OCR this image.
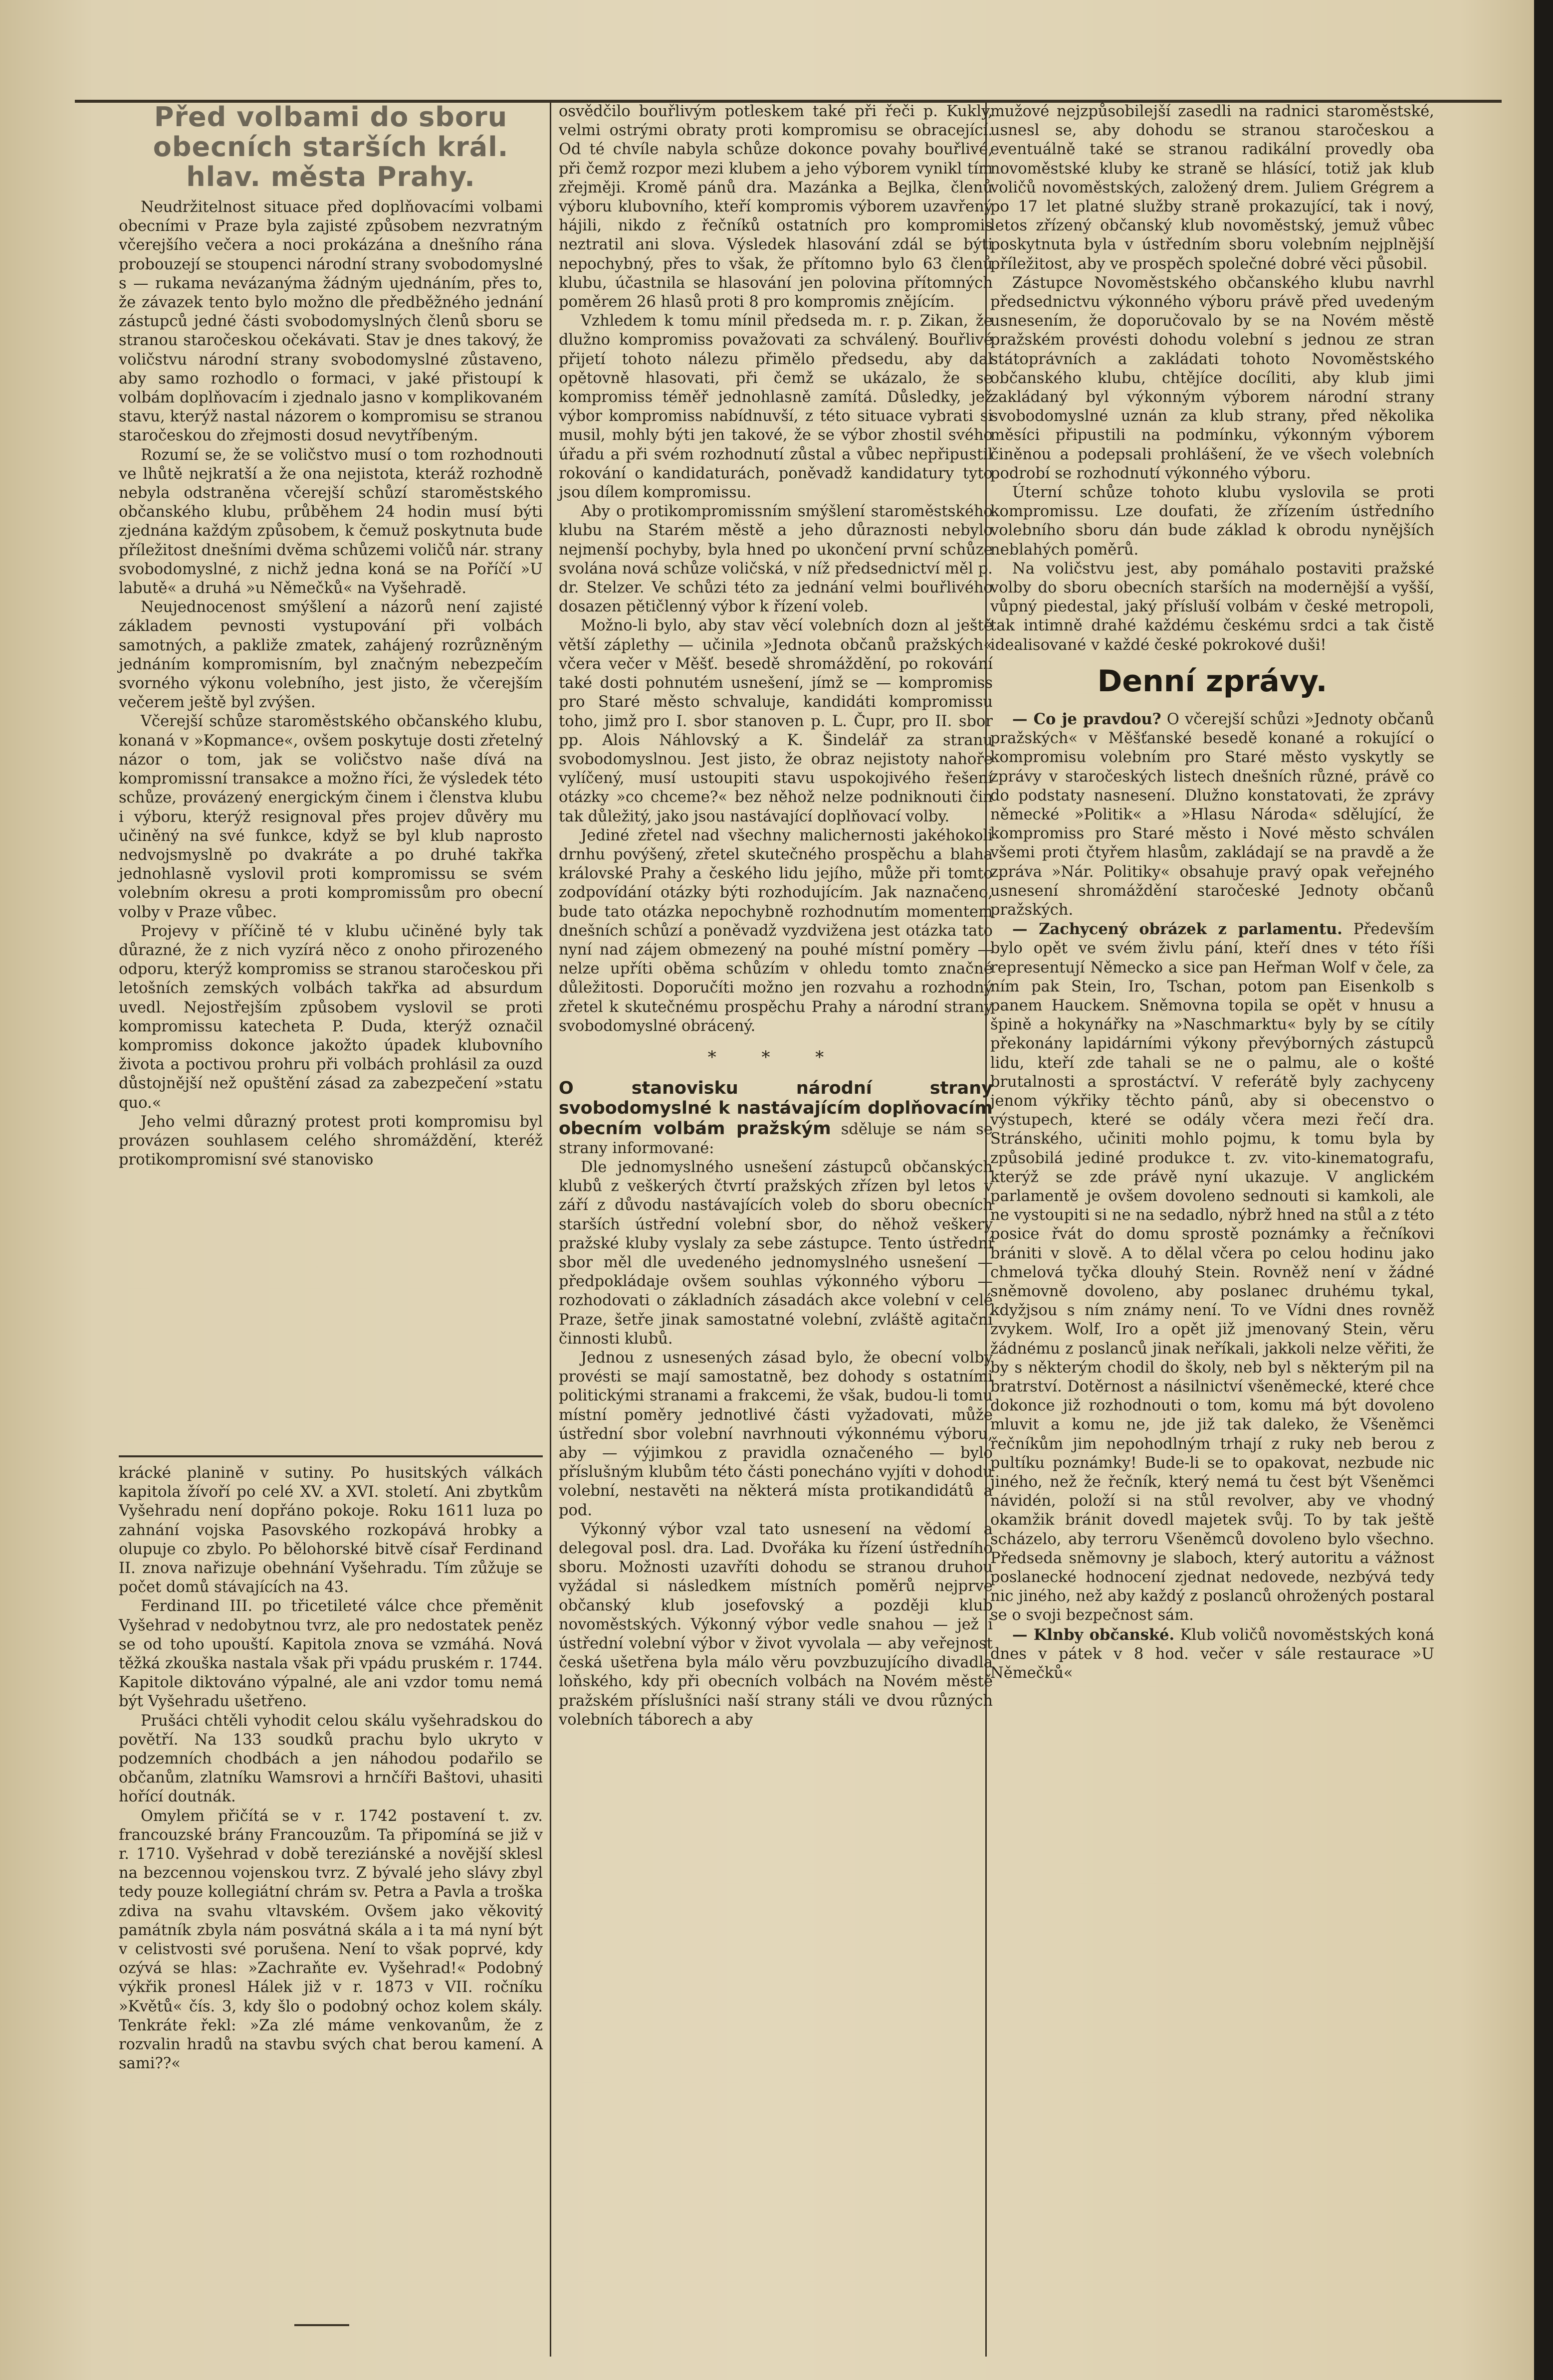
Před volbami do sboru obecních starších král. hlav. města Prahy.

Neudržitelnost situace před doplňovacími volbami obecními v Praze byla zajisté způsobem nezvratným včerejšího večera a noci prokázána a dnešního rána probouzejí se stoupenci národní strany svobodomyslné s — rukama nevázanýma žádným ujednáním, přes to, že závazek tento bylo možno dle předběžného jednání zástupců jedné části svobodomyslných členů sboru se stranou staročeskou očekávati. Stav je dnes takový, že voličstvu národní strany svobodomyslné zůstaveno, aby samo rozhodlo o formaci, v jaké přistoupí k volbám doplňovacím i zjednalo jasno v komplikovaném stavu, kterýž nastal názorem o kompromisu se stranou staročeskou do zřejmosti dosud nevytříbeným.

Rozumí se, že se voličstvo musí o tom rozhodnouti ve lhůtě nejkratší a že ona nejistota, kteráž rozhodně nebyla odstraněna včerejší schůzí staroměstského občanského klubu, průběhem 24 hodin musí býti zjednána každým způsobem, k čemuž poskytnuta bude příležitost dnešními dvěma schůzemi voličů nár. strany svobodomyslné, z nichž jedna koná se na Poříčí »U labutě« a druhá »u Němečků« na Vyšehradě.

Neujednocenost smýšlení a názorů není zajisté základem pevnosti vystupování při volbách samotných, a pakliže zmatek, zahájený rozrůzněným jednáním kompromisním, byl značným nebezpečím svorného výkonu volebního, jest jisto, že včerejším večerem ještě byl zvýšen.

Včerejší schůze staroměstského občanského klubu, konaná v »Kopmance«, ovšem poskytuje dosti zřetelný názor o tom, jak se voličstvo naše dívá na kompromissní transakce a možno říci, že výsledek této schůze, provázený energickým činem i členstva klubu i výboru, kterýž resignoval přes projev důvěry mu učiněný na své funkce, když se byl klub naprosto nedvojsmyslně po dvakráte a po druhé takřka jednohlasně vyslovil proti kompromissu se svém volebním okresu a proti kompromissům pro obecní volby v Praze vůbec.

Projevy v příčině té v klubu učiněné byly tak důrazné, že z nich vyzírá něco z onoho přirozeného odporu, kterýž kompromiss se stranou staročeskou při letošních zemských volbách takřka ad absurdum uvedl. Nejostřejším způsobem vyslovil se proti kompromissu katecheta P. Duda, kterýž označil kompromiss dokonce jakožto úpadek klubovního života a poctivou prohru při volbách prohlásil za ouzd důstojnější než opuštění zásad za zabezpečení »statu quo.«

Jeho velmi důrazný protest proti kompromisu byl provázen souhlasem celého shromáždění, kteréž protikompromisní své stanovisko

krácké planině v sutiny. Po husitských válkách kapitola žívoří po celé XV. a XVI. století. Ani zbytkům Vyšehradu není dopřáno pokoje. Roku 1611 luza po zahnání vojska Pasovského rozkopává hrobky a olupuje co zbylo. Po bělohorské bitvě císař Ferdinand II. znova nařizuje obehnání Vyšehradu. Tím zůžuje se počet domů stávajících na 43.

Ferdinand III. po třicetileté válce chce přeměnit Vyšehrad v nedobytnou tvrz, ale pro nedostatek peněz se od toho upouští. Kapitola znova se vzmáhá. Nová těžká zkouška nastala však při vpádu pruském r. 1744. Kapitole diktováno výpalné, ale ani vzdor tomu nemá být Vyšehradu ušetřeno.

Prušáci chtěli vyhodit celou skálu vyšehradskou do povětří. Na 133 soudků prachu bylo ukryto v podzemních chodbách a jen náhodou podařilo se občanům, zlatníku Wamsrovi a hrnčíři Baštovi, uhasiti hořící doutnák.

Omylem přičítá se v r. 1742 postavení t. zv. francouzské brány Francouzům. Ta připomíná se již v r. 1710. Vyšehrad v době tereziánské a novější sklesl na bezcennou vojenskou tvrz. Z bývalé jeho slávy zbyl tedy pouze kollegiátní chrám sv. Petra a Pavla a troška zdiva na svahu vltavském. Ovšem jako věkovitý památník zbyla nám posvátná skála a i ta má nyní být v celistvosti své porušena. Není to však poprvé, kdy ozývá se hlas: »Zachraňte ev. Vyšehrad!« Podobný výkřik pronesl Hálek již v r. 1873 v VII. ročníku »Květů« čís. 3, kdy šlo o podobný ochoz kolem skály. Tenkráte řekl: »Za zlé máme venkovanům, že z rozvalin hradů na stavbu svých chat berou kamení. A sami??«

osvědčilo bouřlivým potleskem také při řeči p. Kukly, velmi ostrými obraty proti kompromisu se obracející. Od té chvíle nabyla schůze dokonce povahy bouřlivé, při čemž rozpor mezi klubem a jeho výborem vynikl tím zřejměji. Kromě pánů dra. Mazánka a Bejlka, členů výboru klubovního, kteří kompromis výborem uzavřený hájili, nikdo z řečníků ostatních pro kompromis neztratil ani slova. Výsledek hlasování zdál se býti nepochybný, přes to však, že přítomno bylo 63 členů klubu, účastnila se hlasování jen polovina přítomných poměrem 26 hlasů proti 8 pro kompromis znějícím.

Vzhledem k tomu mínil předseda m. r. p. Zikan, že dlužno kompromiss považovati za schválený. Bouřlivé přijetí tohoto nálezu přimělo předsedu, aby dal opětovně hlasovati, při čemž se ukázalo, že se kompromiss téměř jednohlasně zamítá. Důsledky, jež výbor kompromiss nabídnuvší, z této situace vybrati si musil, mohly býti jen takové, že se výbor zhostil svého úřadu a při svém rozhodnutí zůstal a vůbec nepřipustil rokování o kandidaturách, poněvadž kandidatury tyto jsou dílem kompromissu.

Aby o protikompromissním smýšlení staroměstského klubu na Starém městě a jeho důraznosti nebylo nejmenší pochyby, byla hned po ukončení první schůze svolána nová schůze voličská, v níž předsednictví měl p. dr. Stelzer. Ve schůzi této za jednání velmi bouřlivého dosazen pětičlenný výbor k řízení voleb.

Možno-li bylo, aby stav věcí volebních dozn al ještě větší záplethy — učinila »Jednota občanů pražských« včera večer v Měšť. besedě shromáždění, po rokování také dosti pohnutém usnešení, jímž se — kompromiss pro Staré město schvaluje, kandidáti kompromissu toho, jimž pro I. sbor stanoven p. L. Čupr, pro II. sbor pp. Alois Náhlovský a K. Šindelář za stranu svobodomyslnou. Jest jisto, že obraz nejistoty nahoře vylíčený, musí ustoupiti stavu uspokojivého řešení otázky »co chceme?« bez něhož nelze podniknouti čin tak důležitý, jako jsou nastávající doplňovací volby.

Jediné zřetel nad všechny malichernosti jakéhokoli drnhu povýšený, zřetel skutečného prospěchu a blaha královské Prahy a českého lidu jejího, může při tomto zodpovídání otázky býti rozhodujícím. Jak naznačeno, bude tato otázka nepochybně rozhodnutím momentem dnešních schůzí a poněvadž vyzdvižena jest otázka tato nyní nad zájem obmezený na pouhé místní poměry — nelze upříti oběma schůzím v ohledu tomto značné důležitosti. Doporučíti možno jen rozvahu a rozhodný zřetel k skutečnému prospěchu Prahy a národní strany svobodomyslné obrácený.

* * *

O stanovisku národní strany svobodomyslné k nastávajícím doplňovacím obecním volbám pražským sděluje se nám se strany informované:

Dle jednomyslného usnešení zástupců občanských klubů z veškerých čtvrtí pražských zřízen byl letos v září z důvodu nastávajících voleb do sboru obecních starších ústřední volební sbor, do něhož veškery pražské kluby vyslaly za sebe zástupce. Tento ústřední sbor měl dle uvedeného jednomyslného usnešení — předpokládaje ovšem souhlas výkonného výboru — rozhodovati o základních zásadách akce volební v celé Praze, šetře jinak samostatné volební, zvláště agitační činnosti klubů.

Jednou z usnesených zásad bylo, že obecní volby provésti se mají samostatně, bez dohody s ostatními politickými stranami a frakcemi, že však, budou-li tomu místní poměry jednotlivé části vyžadovati, může ústřední sbor volební navrhnouti výkonnému výboru, aby — výjimkou z pravidla označeného — bylo příslušným klubům této části ponecháno vyjíti v dohodu volební, nestavěti na některá místa protikandidátů a pod.

Výkonný výbor vzal tato usnesení na vědomí a delegoval posl. dra. Lad. Dvořáka ku řízení ústředního sboru. Možnosti uzavříti dohodu se stranou druhou vyžádal si následkem místních poměrů nejprve občanský klub josefovský a později klub novoměstských. Výkonný výbor vedle snahou — jež i ústřední volební výbor v život vyvolala — aby veřejnost česká ušetřena byla málo věru povzbuzujícího divadla loňského, kdy při obecních volbách na Novém městě pražském příslušníci naší strany stáli ve dvou různých volebních táborech a aby

mužové nejzpůsobilejší zasedli na radnici staroměstské, usnesl se, aby dohodu se stranou staročeskou a eventuálně také se stranou radikální provedly oba novoměstské kluby ke straně se hlásící, totiž jak klub voličů novoměstských, založený drem. Juliem Grégrem a po 17 let platné služby straně prokazující, tak i nový, letos zřízený občanský klub novoměstský, jemuž vůbec poskytnuta byla v ústředním sboru volebním nejplnější příležitost, aby ve prospěch společné dobré věci působil.

Zástupce Novoměstského občanského klubu navrhl předsednictvu výkonného výboru právě před uvedeným usnesením, že doporučovalo by se na Novém městě pražském provésti dohodu volební s jednou ze stran státoprávních a zakládati tohoto Novoměstského občanského klubu, chtějíce docíliti, aby klub jimi zakládaný byl výkonným výborem národní strany svobodomyslné uznán za klub strany, před několika měsíci připustili na podmínku, výkonným výborem činěnou a podepsali prohlášení, že ve všech volebních podrobí se rozhodnutí výkonného výboru.

Úterní schůze tohoto klubu vyslovila se proti kompromissu. Lze doufati, že zřízením ústředního volebního sboru dán bude základ k obrodu nynějších neblahých poměrů.

Na voličstvu jest, aby pomáhalo postaviti pražské volby do sboru obecních starších na modernější a vyšší, vůpný piedestal, jaký přísluší volbám v české metropoli, tak intimně drahé každému českému srdci a tak čistě idealisované v každé české pokrokové duši!

Denní zprávy.

— Co je pravdou? O včerejší schůzi »Jednoty občanů pražských« v Měšťanské besedě konané a rokující o kompromisu volebním pro Staré město vyskytly se zprávy v staročeských listech dnešních různé, právě co do podstaty nasnesení. Dlužno konstatovati, že zprávy německé »Politik« a »Hlasu Národa« sdělující, že kompromiss pro Staré město i Nové město schválen všemi proti čtyřem hlasům, zakládají se na pravdě a že zpráva »Nár. Politiky« obsahuje pravý opak veřejného usnesení shromáždění staročeské Jednoty občanů pražských.

— Zachycený obrázek z parlamentu. Především bylo opět ve svém živlu pání, kteří dnes v této říši representují Německo a sice pan Heřman Wolf v čele, za ním pak Stein, Iro, Tschan, potom pan Eisenkolb s panem Hauckem. Sněmovna topila se opět v hnusu a špině a hokynářky na »Naschmarktu« byly by se cítily překonány lapidárními výkony převýborných zástupců lidu, kteří zde tahali se ne o palmu, ale o košté brutalnosti a sprostáctví. V referátě byly zachyceny jenom výkřiky těchto pánů, aby si obecenstvo o výstupech, které se odály včera mezi řečí dra. Stránského, učiniti mohlo pojmu, k tomu byla by způsobilá jediné produkce t. zv. vito-kinematografu, kterýž se zde právě nyní ukazuje. V anglickém parlamentě je ovšem dovoleno sednouti si kamkoli, ale ne vystoupiti si ne na sedadlo, nýbrž hned na stůl a z této posice řvát do domu sprostě poznámky a řečníkovi brániti v slově. A to dělal včera po celou hodinu jako chmelová tyčka dlouhý Stein. Rovněž není v žádné sněmovně dovoleno, aby poslanec druhému tykal, kdyžjsou s ním známy není. To ve Vídni dnes rovněž zvykem. Wolf, Iro a opět již jmenovaný Stein, věru žádnému z poslanců jinak neříkali, jakkoli nelze věřiti, že by s některým chodil do školy, neb byl s některým pil na bratrství. Dotěrnost a násilnictví všeněmecké, které chce dokonce již rozhodnouti o tom, komu má být dovoleno mluvit a komu ne, jde již tak daleko, že Všeněmci řečníkům jim nepohodlným trhají z ruky neb berou z pultíku poznámky! Bude-li se to opakovat, nezbude nic jiného, než že řečník, který nemá tu čest být Všeněmci návidén, položí si na stůl revolver, aby ve vhodný okamžik bránit dovedl majetek svůj. To by tak ještě scházelo, aby terroru Všeněmců dovoleno bylo všechno. Předseda sněmovny je slaboch, který autoritu a vážnost poslanecké hodnocení zjednat nedovede, nezbývá tedy nic jiného, než aby každý z poslanců ohrožených postaral se o svoji bezpečnost sám.

— Klnby občanské. Klub voličů novoměstských koná dnes v pátek v 8 hod. večer v sále restaurace »U Němečků«
